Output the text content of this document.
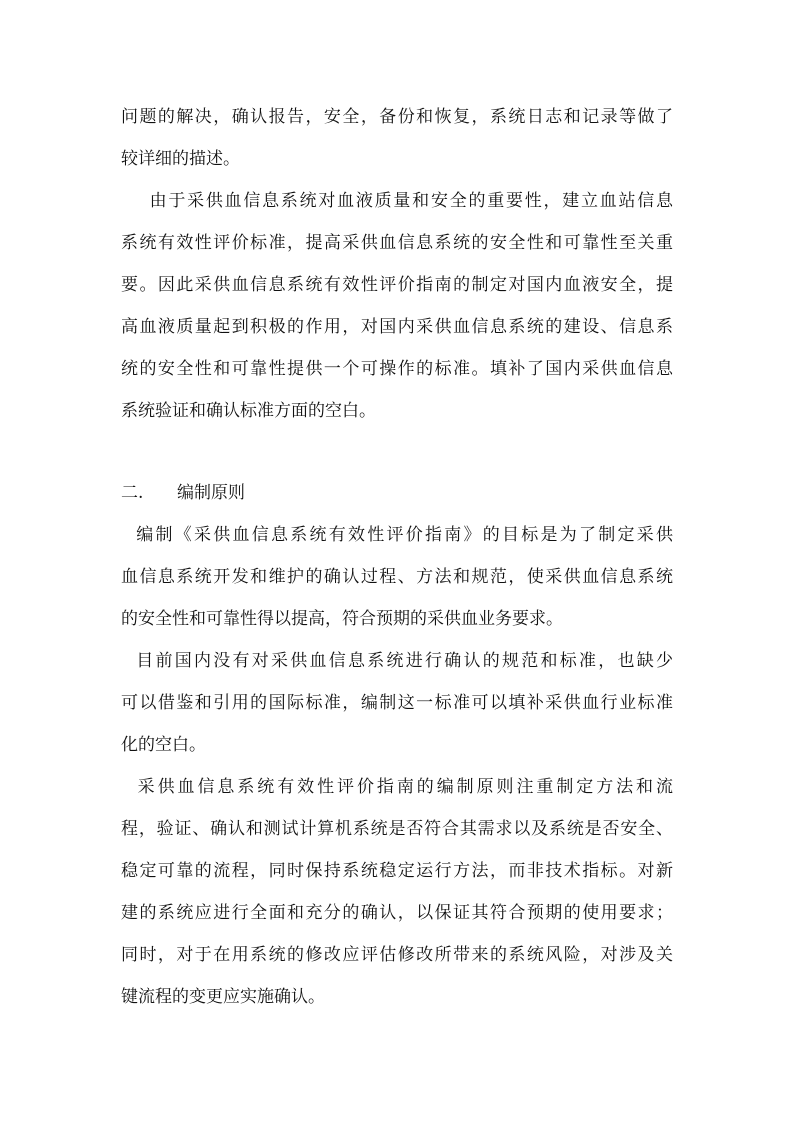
问题的解决，确认报告，安全，备份和恢复，系统日志和记录等做了
较详细的描述。
由于采供血信息系统对血液质量和安全的重要性，建立血站信息
系统有效性评价标准，提高采供血信息系统的安全性和可靠性至关重
要。因此采供血信息系统有效性评价指南的制定对国内血液安全，提
高血液质量起到积极的作用，对国内采供血信息系统的建设、信息系
统的安全性和可靠性提供一个可操作的标准。填补了国内采供血信息
系统验证和确认标准方面的空白。
二. 编制原则
编制《采供血信息系统有效性评价指南》的目标是为了制定采供
血信息系统开发和维护的确认过程、方法和规范，使采供血信息系统
的安全性和可靠性得以提高，符合预期的采供血业务要求。
目前国内没有对采供血信息系统进行确认的规范和标准，也缺少
可以借鉴和引用的国际标准，编制这一标准可以填补采供血行业标准
化的空白。
采供血信息系统有效性评价指南的编制原则注重制定方法和流
程，验证、确认和测试计算机系统是否符合其需求以及系统是否安全、
稳定可靠的流程，同时保持系统稳定运行方法，而非技术指标。对新
建的系统应进行全面和充分的确认，以保证其符合预期的使用要求；
同时，对于在用系统的修改应评估修改所带来的系统风险，对涉及关
键流程的变更应实施确认。
